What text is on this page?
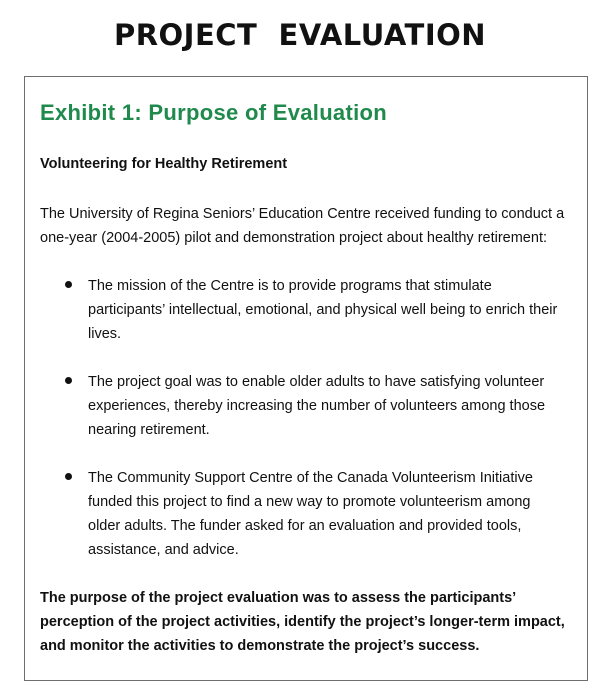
PROJECT  EVALUATION
Exhibit 1: Purpose of Evaluation

Volunteering for Healthy Retirement

The University of Regina Seniors’ Education Centre received funding to conduct a one-year (2004-2005) pilot and demonstration project about healthy retirement:

The mission of the Centre is to provide programs that stimulate participants’ intellectual, emotional, and physical well being to enrich their lives.
The project goal was to enable older adults to have satisfying volunteer experiences, thereby increasing the number of volunteers among those nearing retirement.
The Community Support Centre of the Canada Volunteerism Initiative funded this project to find a new way to promote volunteerism among older adults. The funder asked for an evaluation and provided tools, assistance, and advice.

The purpose of the project evaluation was to assess the participants’ perception of the project activities, identify the project’s longer-term impact, and monitor the activities to demonstrate the project’s success.
